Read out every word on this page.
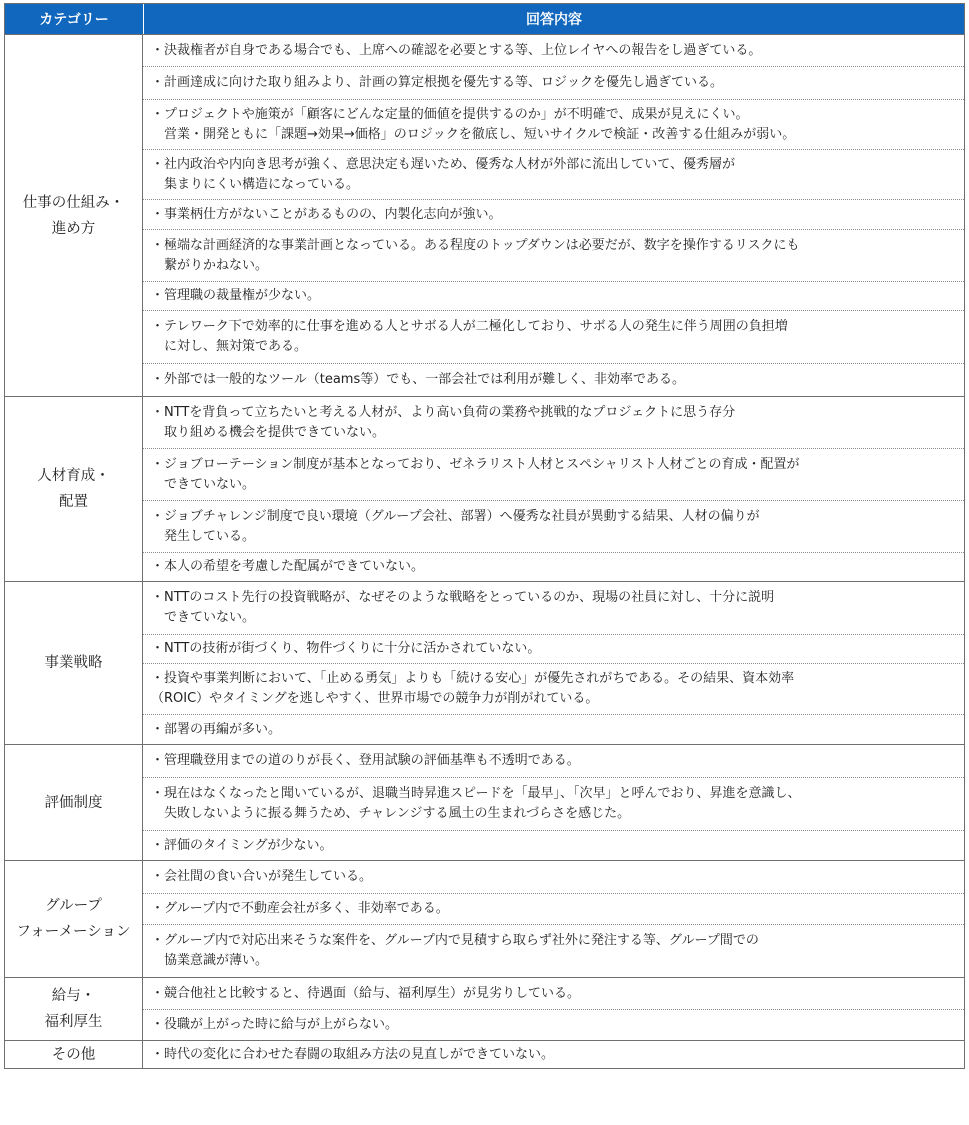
カテゴリー	回答内容
仕事の仕組み・
進め方
・決裁権者が自身である場合でも、上席への確認を必要とする等、上位レイヤへの報告をし過ぎている。
・計画達成に向けた取り組みより、計画の算定根拠を優先する等、ロジックを優先し過ぎている。
・プロジェクトや施策が「顧客にどんな定量的価値を提供するのか」が不明確で、成果が見えにくい。
　営業・開発ともに「課題→効果→価格」のロジックを徹底し、短いサイクルで検証・改善する仕組みが弱い。
・社内政治や内向き思考が強く、意思決定も遅いため、優秀な人材が外部に流出していて、優秀層が
　集まりにくい構造になっている。
・事業柄仕方がないことがあるものの、内製化志向が強い。
・極端な計画経済的な事業計画となっている。ある程度のトップダウンは必要だが、数字を操作するリスクにも
　繋がりかねない。
・管理職の裁量権が少ない。
・テレワーク下で効率的に仕事を進める人とサボる人が二極化しており、サボる人の発生に伴う周囲の負担増
　に対し、無対策である。
・外部では一般的なツール（teams等）でも、一部会社では利用が難しく、非効率である。
人材育成・
配置
・NTTを背負って立ちたいと考える人材が、より高い負荷の業務や挑戦的なプロジェクトに思う存分
　取り組める機会を提供できていない。
・ジョブローテーション制度が基本となっており、ゼネラリスト人材とスペシャリスト人材ごとの育成・配置が
　できていない。
・ジョブチャレンジ制度で良い環境（グループ会社、部署）へ優秀な社員が異動する結果、人材の偏りが
　発生している。
・本人の希望を考慮した配属ができていない。
事業戦略
・NTTのコスト先行の投資戦略が、なぜそのような戦略をとっているのか、現場の社員に対し、十分に説明
　できていない。
・NTTの技術が街づくり、物件づくりに十分に活かされていない。
・投資や事業判断において、「止める勇気」よりも「続ける安心」が優先されがちである。その結果、資本効率
（ROIC）やタイミングを逃しやすく、世界市場での競争力が削がれている。
・部署の再編が多い。
評価制度
・管理職登用までの道のりが長く、登用試験の評価基準も不透明である。
・現在はなくなったと聞いているが、退職当時昇進スピードを「最早」、「次早」と呼んでおり、昇進を意識し、
　失敗しないように振る舞うため、チャレンジする風土の生まれづらさを感じた。
・評価のタイミングが少ない。
グループ
フォーメーション
・会社間の食い合いが発生している。
・グループ内で不動産会社が多く、非効率である。
・グループ内で対応出来そうな案件を、グループ内で見積すら取らず社外に発注する等、グループ間での
　協業意識が薄い。
給与・
福利厚生
・競合他社と比較すると、待遇面（給与、福利厚生）が見劣りしている。
・役職が上がった時に給与が上がらない。
その他	・時代の変化に合わせた春闘の取組み方法の見直しができていない。
